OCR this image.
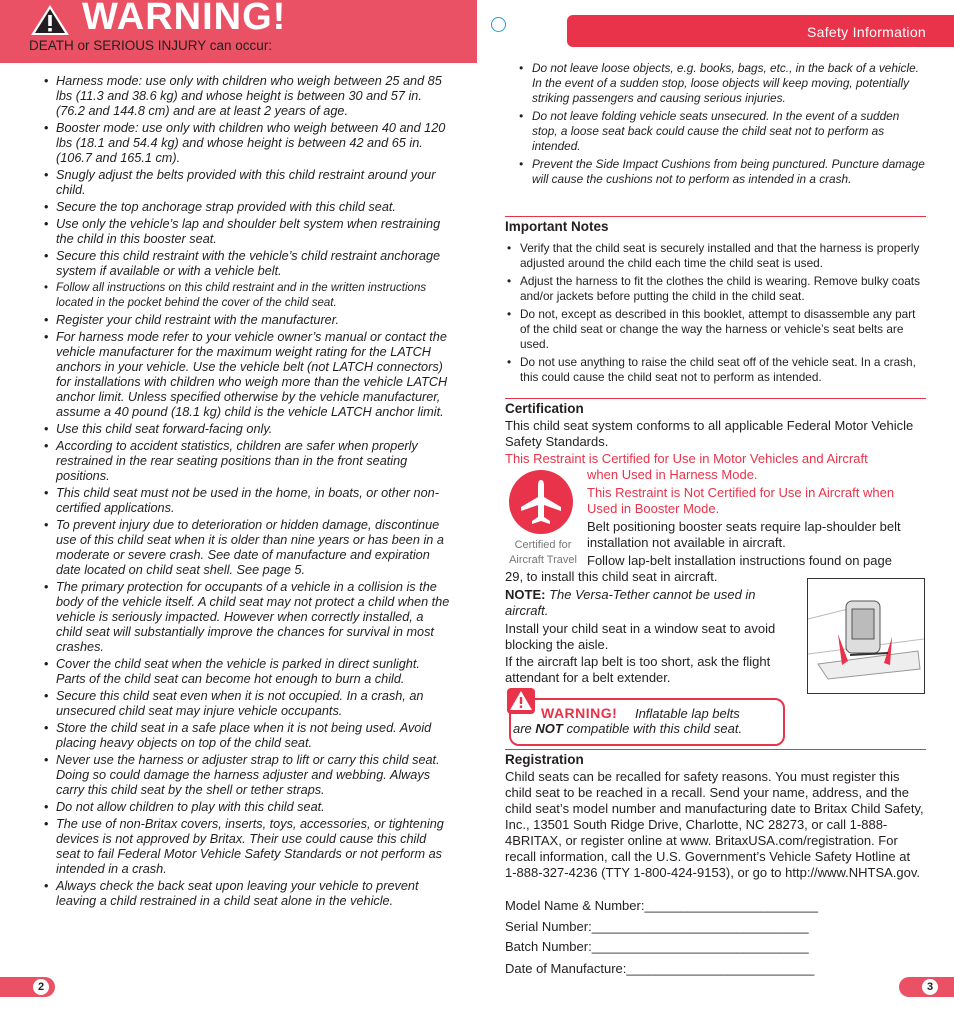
WARNING!
DEATH or SERIOUS INJURY can occur:
• Harness mode: use only with children who weigh between 25 and 85 lbs (11.3 and 38.6 kg) and whose height is between 30 and 57 in. (76.2 and 144.8 cm) and are at least 2 years of age.
• Booster mode: use only with children who weigh between 40 and 120 lbs (18.1 and 54.4 kg) and whose height is between 42 and 65 in. (106.7 and 165.1 cm).
• Snugly adjust the belts provided with this child restraint around your child.
• Secure the top anchorage strap provided with this child seat.
• Use only the vehicle’s lap and shoulder belt system when restraining the child in this booster seat.
• Secure this child restraint with the vehicle’s child restraint anchorage system if available or with a vehicle belt.
• Follow all instructions on this child restraint and in the written instructions located in the pocket behind the cover of the child seat.
• Register your child restraint with the manufacturer.
• For harness mode refer to your vehicle owner’s manual or contact the vehicle manufacturer for the maximum weight rating for the LATCH anchors in your vehicle. Use the vehicle belt (not LATCH connectors) for installations with children who weigh more than the vehicle LATCH anchor limit. Unless specified otherwise by the vehicle manufacturer, assume a 40 pound (18.1 kg) child is the vehicle LATCH anchor limit.
• Use this child seat forward-facing only.
• According to accident statistics, children are safer when properly restrained in the rear seating positions than in the front seating positions.
• This child seat must not be used in the home, in boats, or other non-certified applications.
• To prevent injury due to deterioration or hidden damage, discontinue use of this child seat when it is older than nine years or has been in a moderate or severe crash. See date of manufacture and expiration date located on child seat shell. See page 5.
• The primary protection for occupants of a vehicle in a collision is the body of the vehicle itself. A child seat may not protect a child when the vehicle is seriously impacted. However when correctly installed, a child seat will substantially improve the chances for survival in most crashes.
• Cover the child seat when the vehicle is parked in direct sunlight. Parts of the child seat can become hot enough to burn a child.
• Secure this child seat even when it is not occupied. In a crash, an unsecured child seat may injure vehicle occupants.
• Store the child seat in a safe place when it is not being used. Avoid placing heavy objects on top of the child seat.
• Never use the harness or adjuster strap to lift or carry this child seat. Doing so could damage the harness adjuster and webbing. Always carry this child seat by the shell or tether straps.
• Do not allow children to play with this child seat.
• The use of non-Britax covers, inserts, toys, accessories, or tightening devices is not approved by Britax. Their use could cause this child seat to fail Federal Motor Vehicle Safety Standards or not perform as intended in a crash.
• Always check the back seat upon leaving your vehicle to prevent leaving a child restrained in a child seat alone in the vehicle.
2
Safety Information
• Do not leave loose objects, e.g. books, bags, etc., in the back of a vehicle. In the event of a sudden stop, loose objects will keep moving, potentially striking passengers and causing serious injuries.
• Do not leave folding vehicle seats unsecured. In the event of a sudden stop, a loose seat back could cause the child seat not to perform as intended.
• Prevent the Side Impact Cushions from being punctured. Puncture damage will cause the cushions not to perform as intended in a crash.
Important Notes
• Verify that the child seat is securely installed and that the harness is properly adjusted around the child each time the child seat is used.
• Adjust the harness to fit the clothes the child is wearing. Remove bulky coats and/or jackets before putting the child in the child seat.
• Do not, except as described in this booklet, attempt to disassemble any part of the child seat or change the way the harness or vehicle’s seat belts are used.
• Do not use anything to raise the child seat off of the vehicle seat. In a crash, this could cause the child seat not to perform as intended.
Certification
This child seat system conforms to all applicable Federal Motor Vehicle Safety Standards.
This Restraint is Certified for Use in Motor Vehicles and Aircraft
when Used in Harness Mode.
Certified for Aircraft Travel
This Restraint is Not Certified for Use in Aircraft when Used in Booster Mode.
Belt positioning booster seats require lap-shoulder belt installation not available in aircraft.
Follow lap-belt installation instructions found on page
29, to install this child seat in aircraft.
NOTE: The Versa-Tether cannot be used in aircraft.
Install your child seat in a window seat to avoid blocking the aisle.
If the aircraft lap belt is too short, ask the flight attendant for a belt extender.
WARNING! Inflatable lap belts
are NOT compatible with this child seat.
Registration
Child seats can be recalled for safety reasons. You must register this child seat to be reached in a recall. Send your name, address, and the child seat’s model number and manufacturing date to Britax Child Safety, Inc., 13501 South Ridge Drive, Charlotte, NC 28273, or call 1-888-4BRITAX, or register online at www. BritaxUSA.com/registration. For recall information, call the U.S. Government’s Vehicle Safety Hotline at 1-888-327-4236 (TTY 1-800-424-9153), or go to http://www.NHTSA.gov.
Model Name & Number:________________________
Serial Number:______________________________
Batch Number:______________________________
Date of Manufacture:__________________________
3
